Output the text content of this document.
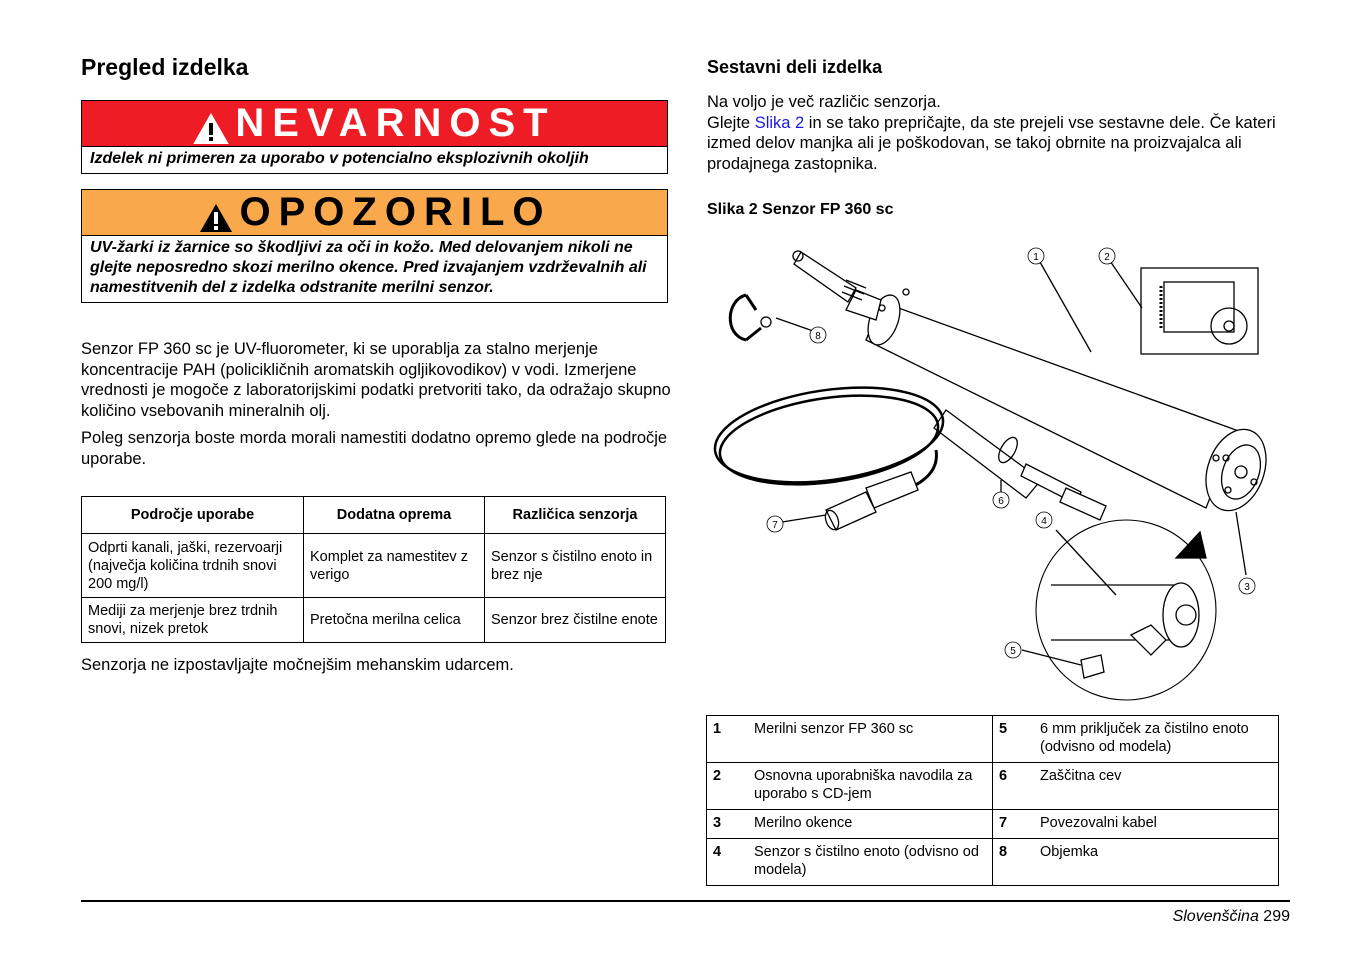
Pregled izdelka
NEVARNOST
Izdelek ni primeren za uporabo v potencialno eksplozivnih okoljih
OPOZORILO
UV-žarki iz žarnice so škodljivi za oči in kožo. Med delovanjem nikoli ne glejte neposredno skozi merilno okence. Pred izvajanjem vzdrževalnih ali namestitvenih del z izdelka odstranite merilni senzor.

Senzor FP 360 sc je UV-fluorometer, ki se uporablja za stalno merjenje koncentracije PAH (policikličnih aromatskih ogljikovodikov) v vodi. Izmerjene vrednosti je mogoče z laboratorijskimi podatki pretvoriti tako, da odražajo skupno količino vsebovanih mineralnih olj.

Poleg senzorja boste morda morali namestiti dodatno opremo glede na področje uporabe.

Področje uporabe	Dodatna oprema	Različica senzorja
Odprti kanali, jaški, rezervoarji (največja količina trdnih snovi 200 mg/l)	Komplet za namestitev z verigo	Senzor s čistilno enoto in brez nje
Mediji za merjenje brez trdnih snovi, nizek pretok	Pretočna merilna celica	Senzor brez čistilne enote

Senzorja ne izpostavljajte močnejšim mehanskim udarcem.

Sestavni deli izdelka

Na voljo je več različic senzorja.
Glejte Slika 2 in se tako prepričajte, da ste prejeli vse sestavne dele. Če kateri izmed delov manjka ali je poškodovan, se takoj obrnite na proizvajalca ali prodajnega zastopnika.

Slika 2 Senzor FP 360 sc

1	2
3
4
5
6
7
8
1	Merilni senzor FP 360 sc	5	6 mm priključek za čistilno enoto (odvisno od modela)
2	Osnovna uporabniška navodila za uporabo s CD-jem	6	Zaščitna cev
3	Merilno okence	7	Povezovalni kabel
4	Senzor s čistilno enoto (odvisno od modela)	8	Objemka
Slovenščina 299
